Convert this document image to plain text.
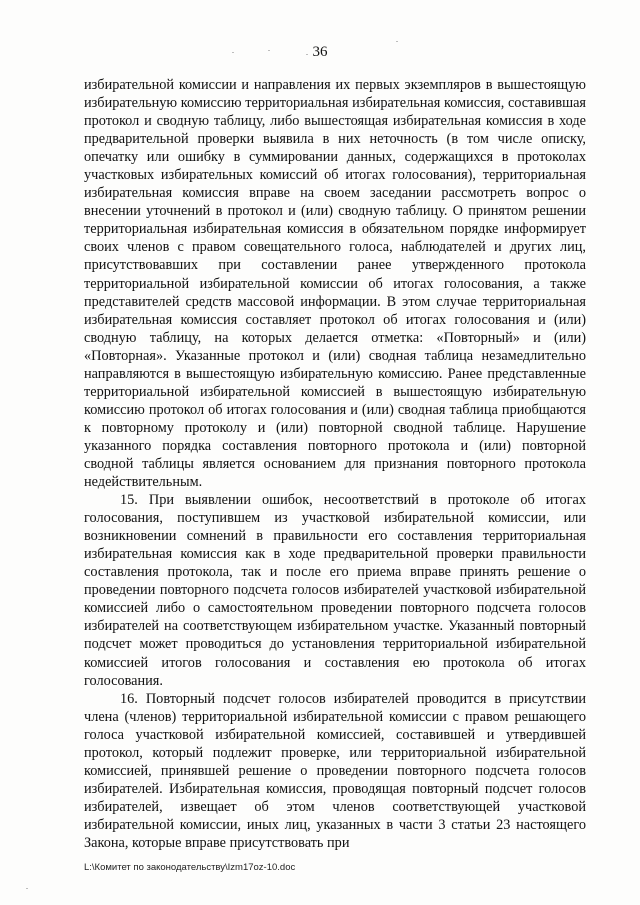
36

избирательной комиссии и направления их первых экземпляров в вышестоящую избирательную комиссию территориальная избирательная комиссия, составившая протокол и сводную таблицу, либо вышестоящая избирательная комиссия в ходе предварительной проверки выявила в них неточность (в том числе описку, опечатку или ошибку в суммировании данных, содержащихся в протоколах участковых избирательных комиссий об итогах голосования), территориальная избирательная комиссия вправе на своем заседании рассмотреть вопрос о внесении уточнений в протокол и (или) сводную таблицу. О принятом решении территориальная избирательная комиссия в обязательном порядке информирует своих членов с правом совещательного голоса, наблюдателей и других лиц, присутствовавших при составлении ранее утвержденного протокола территориальной избирательной комиссии об итогах голосования, а также представителей средств массовой информации. В этом случае территориальная избирательная комиссия составляет протокол об итогах голосования и (или) сводную таблицу, на которых делается отметка: «Повторный» и (или) «Повторная». Указанные протокол и (или) сводная таблица незамедлительно направляются в вышестоящую избирательную комиссию. Ранее представленные территориальной избирательной комиссией в вышестоящую избирательную комиссию протокол об итогах голосования и (или) сводная таблица приобщаются к повторному протоколу и (или) повторной сводной таблице. Нарушение указанного порядка составления повторного протокола и (или) повторной сводной таблицы является основанием для признания повторного протокола недействительным.

15. При выявлении ошибок, несоответствий в протоколе об итогах голосования, поступившем из участковой избирательной комиссии, или возникновении сомнений в правильности его составления территориальная избирательная комиссия как в ходе предварительной проверки правильности составления протокола, так и после его приема вправе принять решение о проведении повторного подсчета голосов избирателей участковой избирательной комиссией либо о самостоятельном проведении повторного подсчета голосов избирателей на соответствующем избирательном участке. Указанный повторный подсчет может проводиться до установления территориальной избирательной комиссией итогов голосования и составления ею протокола об итогах голосования.

16. Повторный подсчет голосов избирателей проводится в присутствии члена (членов) территориальной избирательной комиссии с правом решающего голоса участковой избирательной комиссией, составившей и утвердившей протокол, который подлежит проверке, или территориальной избирательной комиссией, принявшей решение о проведении повторного подсчета голосов избирателей. Избирательная комиссия, проводящая повторный подсчет голосов избирателей, извещает об этом членов соответствующей участковой избирательной комиссии, иных лиц, указанных в части 3 статьи 23 настоящего Закона, которые вправе присутствовать при

L:\Комитет по законодательству\Izm17oz-10.doc
